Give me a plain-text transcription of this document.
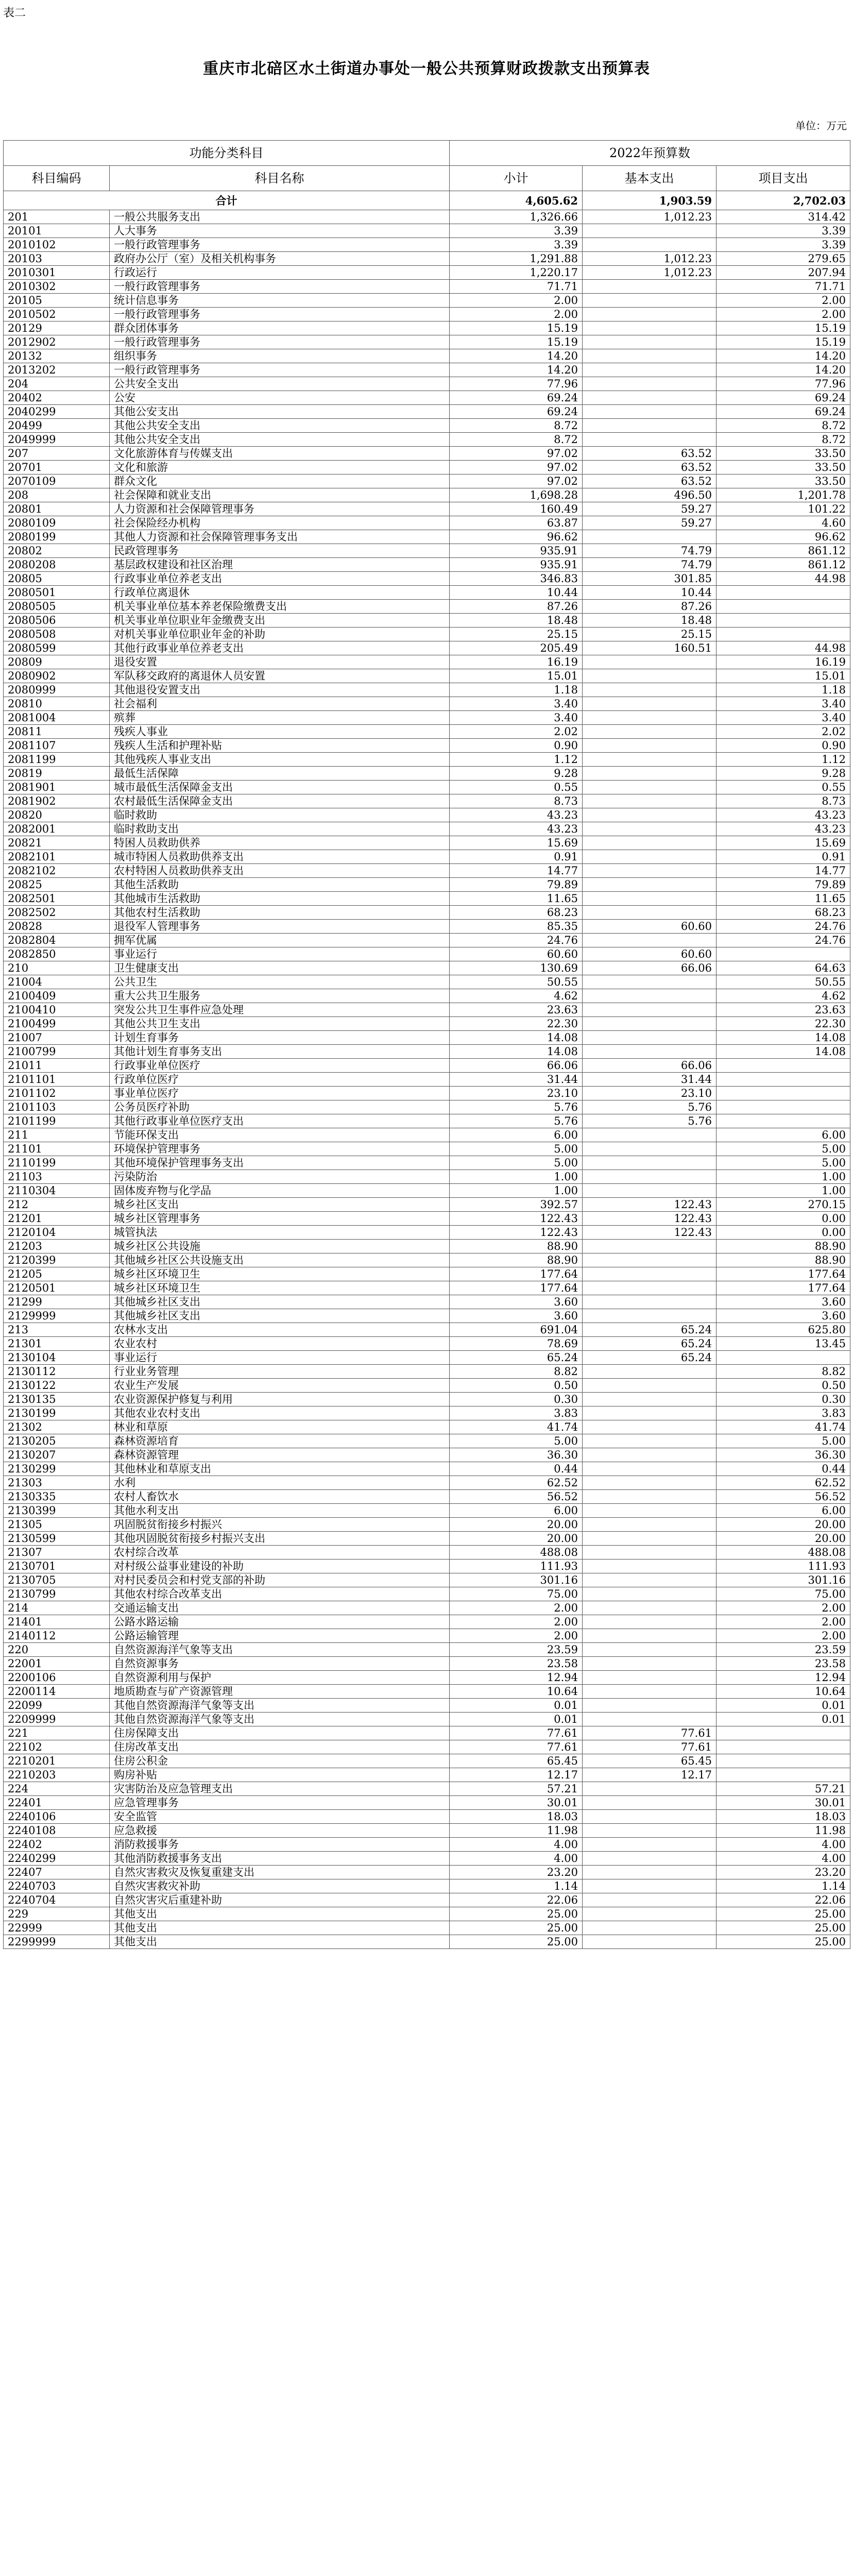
表二
重庆市北碚区水土街道办事处一般公共预算财政拨款支出预算表
单位：万元
功能分类科目		2022年预算数		
科目编码	科目名称	小计	基本支出	项目支出
合计		4,605.62	1,903.59	2,702.03
201	一般公共服务支出	1,326.66	1,012.23	314.42
20101	人大事务	3.39		3.39
2010102	一般行政管理事务	3.39		3.39
20103	政府办公厅（室）及相关机构事务	1,291.88	1,012.23	279.65
2010301	行政运行	1,220.17	1,012.23	207.94
2010302	一般行政管理事务	71.71		71.71
20105	统计信息事务	2.00		2.00
2010502	一般行政管理事务	2.00		2.00
20129	群众团体事务	15.19		15.19
2012902	一般行政管理事务	15.19		15.19
20132	组织事务	14.20		14.20
2013202	一般行政管理事务	14.20		14.20
204	公共安全支出	77.96		77.96
20402	公安	69.24		69.24
2040299	其他公安支出	69.24		69.24
20499	其他公共安全支出	8.72		8.72
2049999	其他公共安全支出	8.72		8.72
207	文化旅游体育与传媒支出	97.02	63.52	33.50
20701	文化和旅游	97.02	63.52	33.50
2070109	群众文化	97.02	63.52	33.50
208	社会保障和就业支出	1,698.28	496.50	1,201.78
20801	人力资源和社会保障管理事务	160.49	59.27	101.22
2080109	社会保险经办机构	63.87	59.27	4.60
2080199	其他人力资源和社会保障管理事务支出	96.62		96.62
20802	民政管理事务	935.91	74.79	861.12
2080208	基层政权建设和社区治理	935.91	74.79	861.12
20805	行政事业单位养老支出	346.83	301.85	44.98
2080501	行政单位离退休	10.44	10.44	
2080505	机关事业单位基本养老保险缴费支出	87.26	87.26	
2080506	机关事业单位职业年金缴费支出	18.48	18.48	
2080508	对机关事业单位职业年金的补助	25.15	25.15	
2080599	其他行政事业单位养老支出	205.49	160.51	44.98
20809	退役安置	16.19		16.19
2080902	军队移交政府的离退休人员安置	15.01		15.01
2080999	其他退役安置支出	1.18		1.18
20810	社会福利	3.40		3.40
2081004	殡葬	3.40		3.40
20811	残疾人事业	2.02		2.02
2081107	残疾人生活和护理补贴	0.90		0.90
2081199	其他残疾人事业支出	1.12		1.12
20819	最低生活保障	9.28		9.28
2081901	城市最低生活保障金支出	0.55		0.55
2081902	农村最低生活保障金支出	8.73		8.73
20820	临时救助	43.23		43.23
2082001	临时救助支出	43.23		43.23
20821	特困人员救助供养	15.69		15.69
2082101	城市特困人员救助供养支出	0.91		0.91
2082102	农村特困人员救助供养支出	14.77		14.77
20825	其他生活救助	79.89		79.89
2082501	其他城市生活救助	11.65		11.65
2082502	其他农村生活救助	68.23		68.23
20828	退役军人管理事务	85.35	60.60	24.76
2082804	拥军优属	24.76		24.76
2082850	事业运行	60.60	60.60	
210	卫生健康支出	130.69	66.06	64.63
21004	公共卫生	50.55		50.55
2100409	重大公共卫生服务	4.62		4.62
2100410	突发公共卫生事件应急处理	23.63		23.63
2100499	其他公共卫生支出	22.30		22.30
21007	计划生育事务	14.08		14.08
2100799	其他计划生育事务支出	14.08		14.08
21011	行政事业单位医疗	66.06	66.06	
2101101	行政单位医疗	31.44	31.44	
2101102	事业单位医疗	23.10	23.10	
2101103	公务员医疗补助	5.76	5.76	
2101199	其他行政事业单位医疗支出	5.76	5.76	
211	节能环保支出	6.00		6.00
21101	环境保护管理事务	5.00		5.00
2110199	其他环境保护管理事务支出	5.00		5.00
21103	污染防治	1.00		1.00
2110304	固体废弃物与化学品	1.00		1.00
212	城乡社区支出	392.57	122.43	270.15
21201	城乡社区管理事务	122.43	122.43	0.00
2120104	城管执法	122.43	122.43	0.00
21203	城乡社区公共设施	88.90		88.90
2120399	其他城乡社区公共设施支出	88.90		88.90
21205	城乡社区环境卫生	177.64		177.64
2120501	城乡社区环境卫生	177.64		177.64
21299	其他城乡社区支出	3.60		3.60
2129999	其他城乡社区支出	3.60		3.60
213	农林水支出	691.04	65.24	625.80
21301	农业农村	78.69	65.24	13.45
2130104	事业运行	65.24	65.24	
2130112	行业业务管理	8.82		8.82
2130122	农业生产发展	0.50		0.50
2130135	农业资源保护修复与利用	0.30		0.30
2130199	其他农业农村支出	3.83		3.83
21302	林业和草原	41.74		41.74
2130205	森林资源培育	5.00		5.00
2130207	森林资源管理	36.30		36.30
2130299	其他林业和草原支出	0.44		0.44
21303	水利	62.52		62.52
2130335	农村人畜饮水	56.52		56.52
2130399	其他水利支出	6.00		6.00
21305	巩固脱贫衔接乡村振兴	20.00		20.00
2130599	其他巩固脱贫衔接乡村振兴支出	20.00		20.00
21307	农村综合改革	488.08		488.08
2130701	对村级公益事业建设的补助	111.93		111.93
2130705	对村民委员会和村党支部的补助	301.16		301.16
2130799	其他农村综合改革支出	75.00		75.00
214	交通运输支出	2.00		2.00
21401	公路水路运输	2.00		2.00
2140112	公路运输管理	2.00		2.00
220	自然资源海洋气象等支出	23.59		23.59
22001	自然资源事务	23.58		23.58
2200106	自然资源利用与保护	12.94		12.94
2200114	地质勘查与矿产资源管理	10.64		10.64
22099	其他自然资源海洋气象等支出	0.01		0.01
2209999	其他自然资源海洋气象等支出	0.01		0.01
221	住房保障支出	77.61	77.61	
22102	住房改革支出	77.61	77.61	
2210201	住房公积金	65.45	65.45	
2210203	购房补贴	12.17	12.17	
224	灾害防治及应急管理支出	57.21		57.21
22401	应急管理事务	30.01		30.01
2240106	安全监管	18.03		18.03
2240108	应急救援	11.98		11.98
22402	消防救援事务	4.00		4.00
2240299	其他消防救援事务支出	4.00		4.00
22407	自然灾害救灾及恢复重建支出	23.20		23.20
2240703	自然灾害救灾补助	1.14		1.14
2240704	自然灾害灾后重建补助	22.06		22.06
229	其他支出	25.00		25.00
22999	其他支出	25.00		25.00
2299999	其他支出	25.00		25.00
